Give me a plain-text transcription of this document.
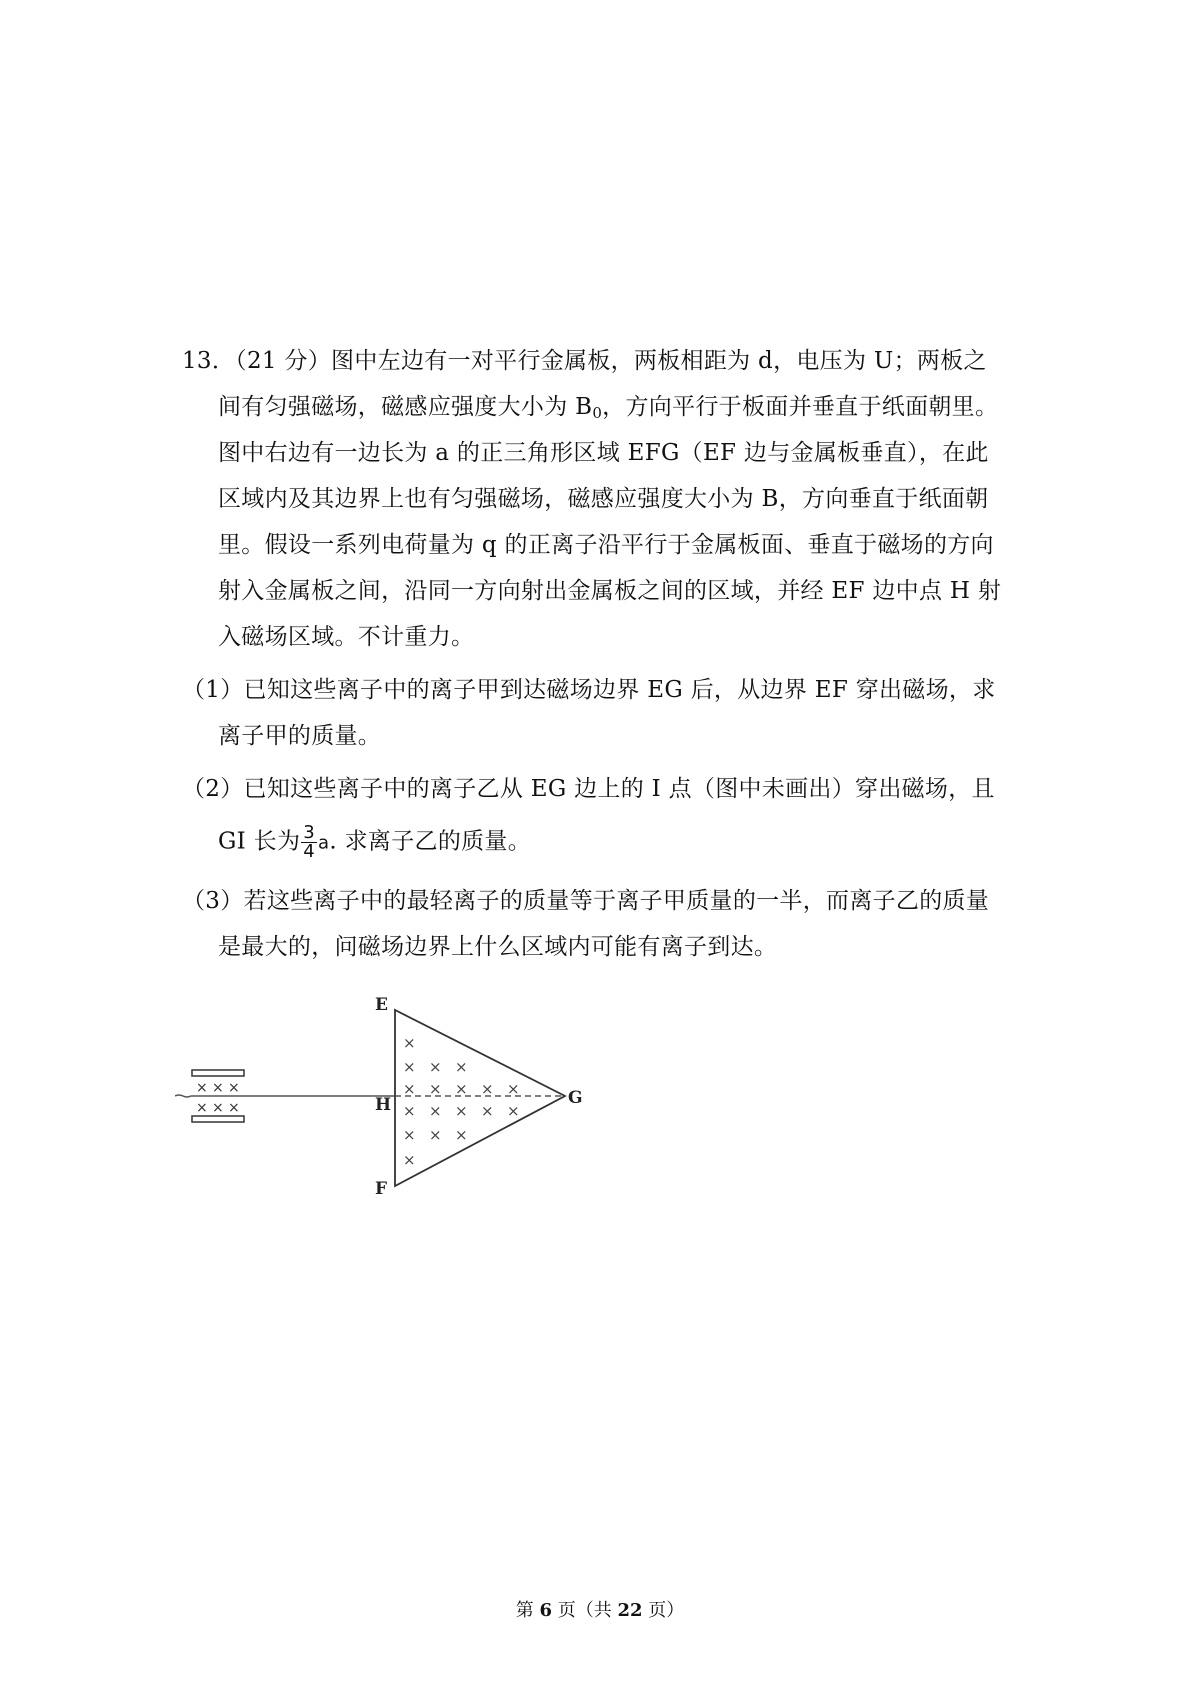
13．（21 分）图中左边有一对平行金属板，两板相距为 d，电压为 U；两板之
间有匀强磁场，磁感应强度大小为 $B_0$，方向平行于板面并垂直于纸面朝里。
图中右边有一边长为 a 的正三角形区域 EFG（EF 边与金属板垂直），在此
区域内及其边界上也有匀强磁场，磁感应强度大小为 B，方向垂直于纸面朝
里。假设一系列电荷量为 q 的正离子沿平行于金属板面、垂直于磁场的方向
射入金属板之间，沿同一方向射出金属板之间的区域，并经 EF 边中点 H 射
入磁场区域。不计重力。
（1）已知这些离子中的离子甲到达磁场边界 EG 后，从边界 EF 穿出磁场，求
离子甲的质量。
（2）已知这些离子中的离子乙从 EG 边上的 I 点（图中未画出）穿出磁场，且
GI 长为 $\frac{3}{4} a$. 求离子乙的质量。
（3）若这些离子中的最轻离子的质量等于离子甲质量的一半，而离子乙的质量
是最大的，问磁场边界上什么区域内可能有离子到达。
× × ×
× × ×
×
× × ×
× × × × ×
× × × × ×
× × ×
×
E
H
F
G
第 6 页（共 22 页）
